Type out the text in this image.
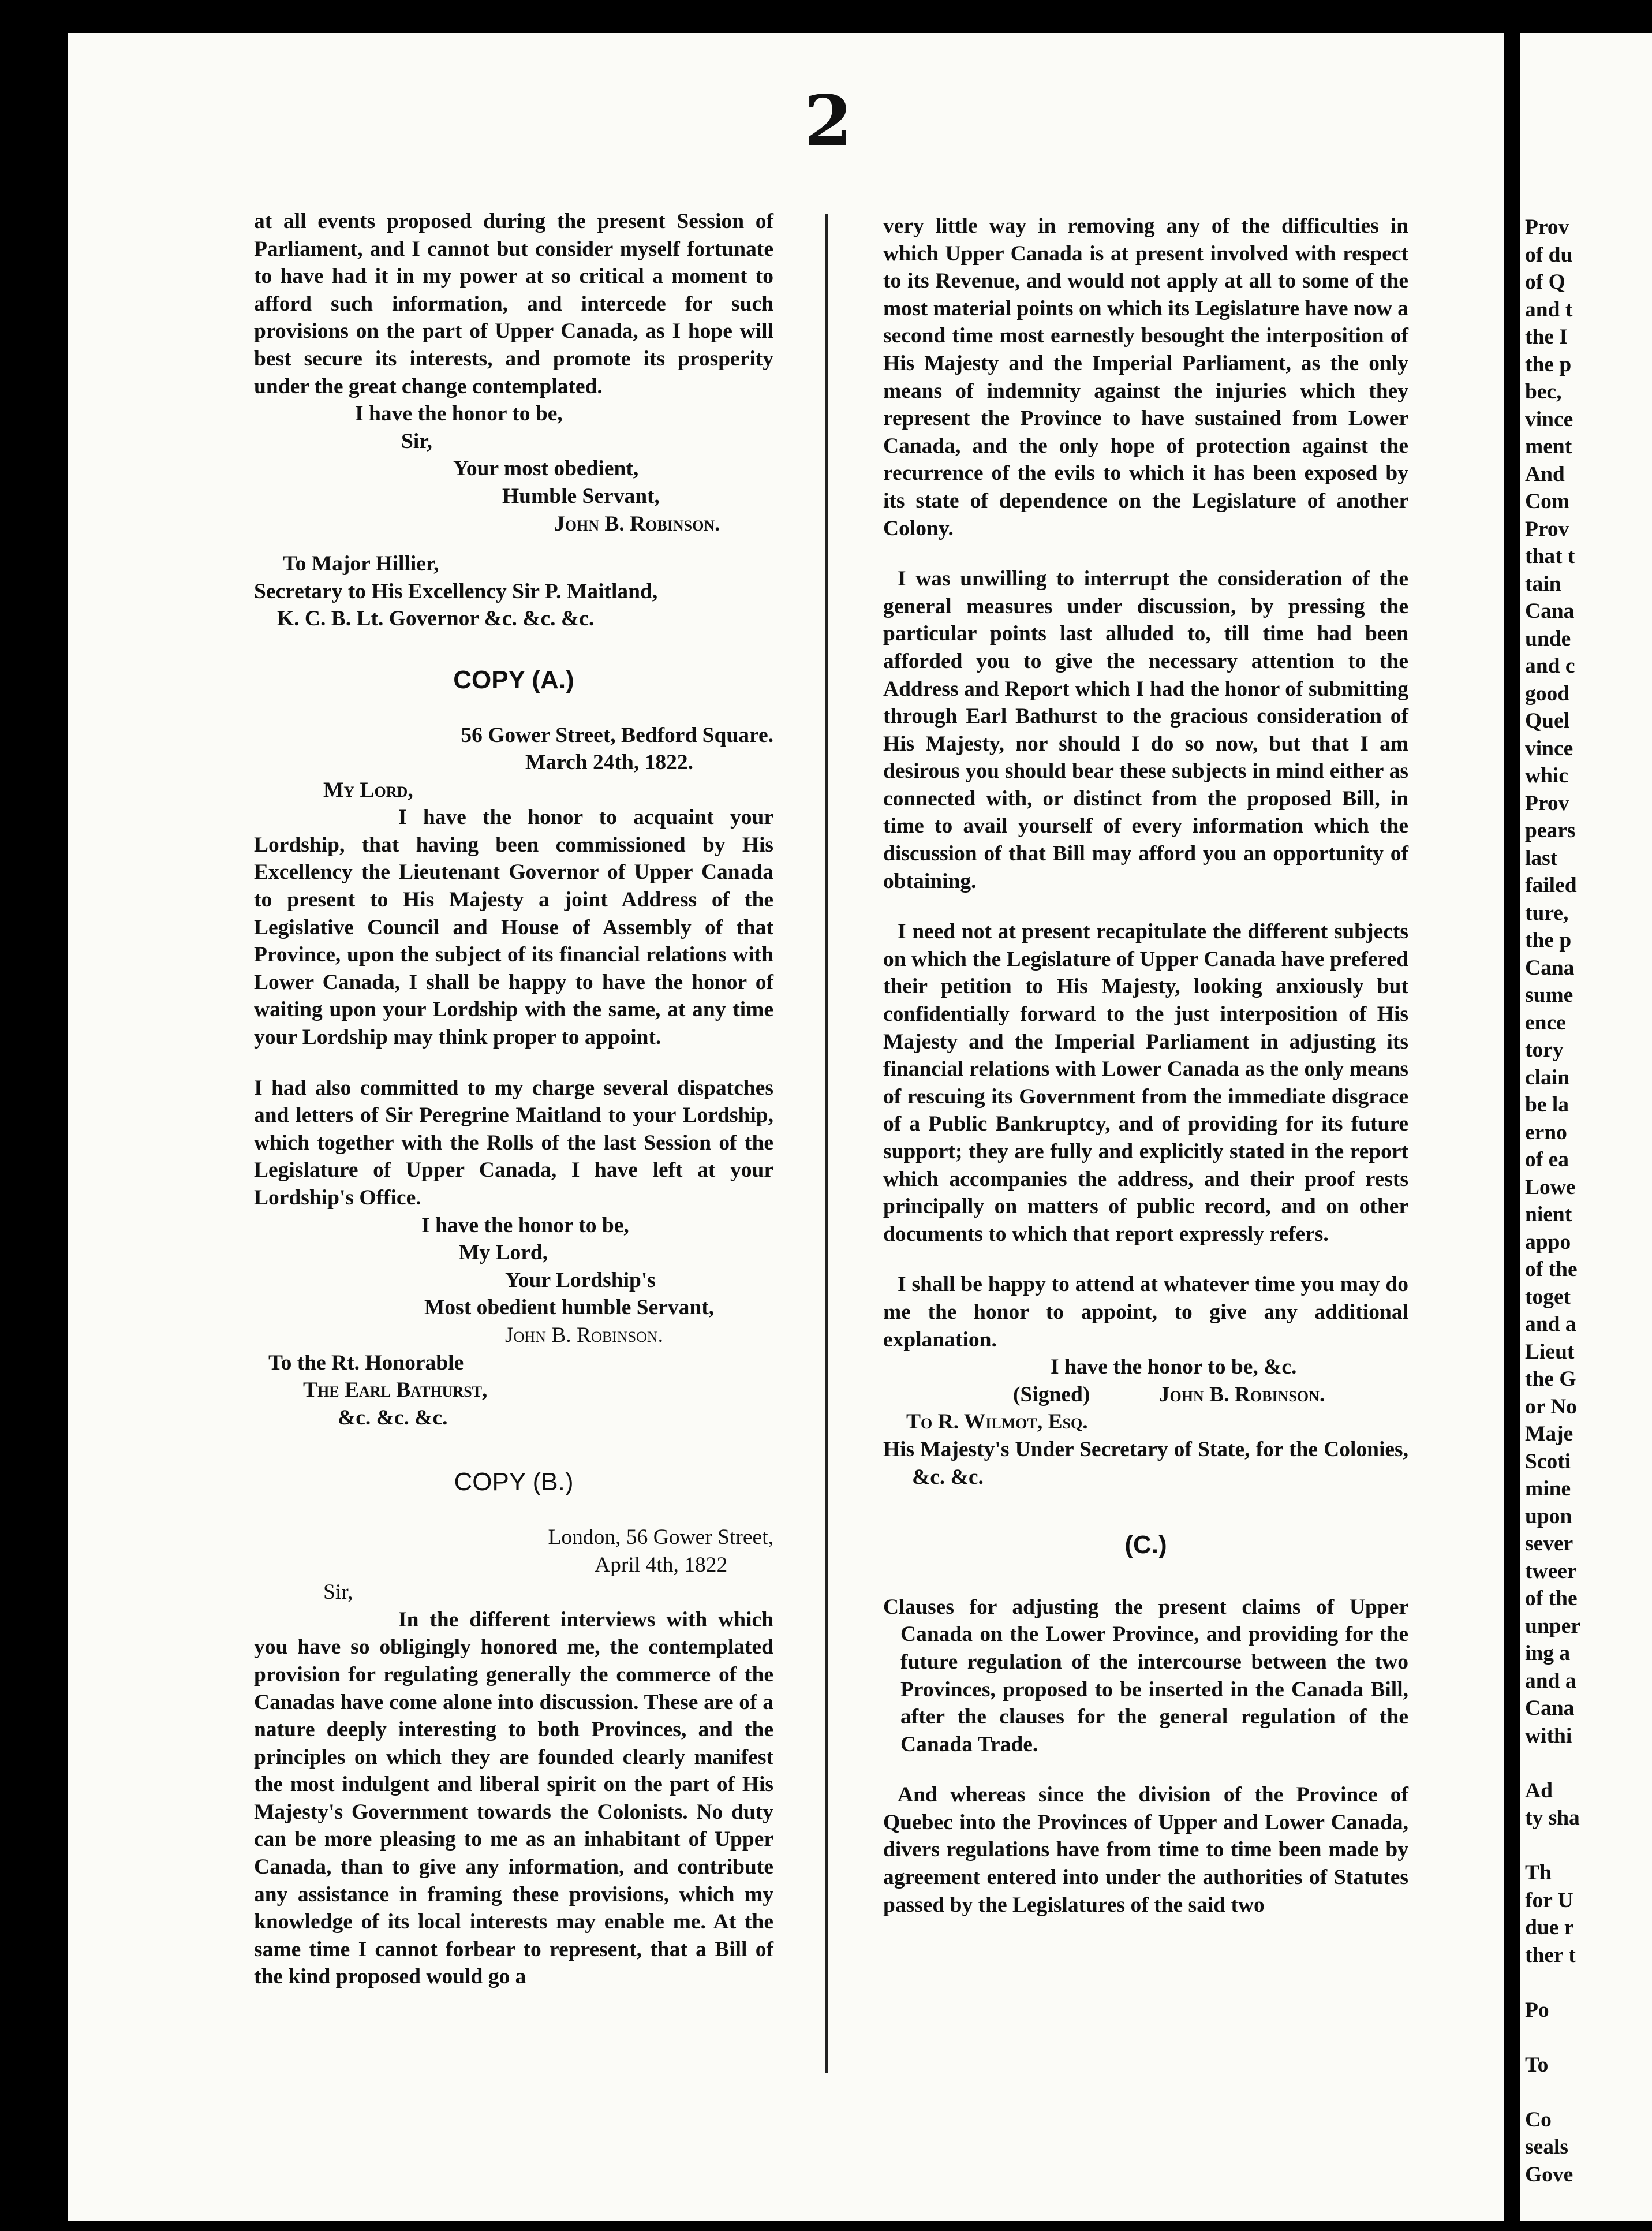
Prov
of du
of Q
and t
the I
the p
bec,
vince
ment
And
Com
Prov
that t
tain
Cana
unde
and c
good
Quel
vince
whic
Prov
pears
last
failed
ture,
the p
Cana
sume
ence
tory
clain
be la
erno
of ea
Lowe
nient
appo
of the
toget
and a
Lieut
the G
or No
Maje
Scoti
mine
upon
sever
tweer
of the
unper
ing a
and a
Cana
withi
Ad
ty sha
Th
for U
due r
ther t
Po
To
Co
seals
Gove
2

at all events proposed during the present Session of Parliament, and I cannot but consider myself fortunate to have had it in my power at so critical a moment to afford such information, and intercede for such provisions on the part of Upper Canada, as I hope will best secure its interests, and promote its prosperity under the great change contemplated.

I have the honor to be,
Sir,
Your most obedient,
Humble Servant,
John B. Robinson.
To Major Hillier,
Secretary to His Excellency Sir P. Maitland,
K. C. B. Lt. Governor &c. &c. &c.
COPY (A.)
56 Gower Street, Bedford Square.
March 24th, 1822.
My Lord,

I have the honor to acquaint your Lordship, that having been commissioned by His Excellency the Lieutenant Governor of Upper Canada to present to His Majesty a joint Address of the Legislative Council and House of Assembly of that Province, upon the subject of its financial relations with Lower Canada, I shall be happy to have the honor of waiting upon your Lordship with the same, at any time your Lordship may think proper to appoint.

I had also committed to my charge several dispatches and letters of Sir Peregrine Maitland to your Lordship, which together with the Rolls of the last Session of the Legislature of Upper Canada, I have left at your Lordship's Office.

I have the honor to be,
My Lord,
Your Lordship's
Most obedient humble Servant,
John B. Robinson.
To the Rt. Honorable
The Earl Bathurst,
&c. &c. &c.
COPY (B.)
London, 56 Gower Street,
April 4th, 1822
Sir,

In the different interviews with which you have so obligingly honored me, the contemplated provision for regulating generally the commerce of the Canadas have come alone into discussion. These are of a nature deeply interesting to both Provinces, and the principles on which they are founded clearly manifest the most indulgent and liberal spirit on the part of His Majesty's Government towards the Colonists. No duty can be more pleasing to me as an inhabitant of Upper Canada, than to give any information, and contribute any assistance in framing these provisions, which my knowledge of its local interests may enable me. At the same time I cannot forbear to represent, that a Bill of the kind proposed would go a

very little way in removing any of the difficulties in which Upper Canada is at present involved with respect to its Revenue, and would not apply at all to some of the most material points on which its Legislature have now a second time most earnestly besought the interposition of His Majesty and the Imperial Parliament, as the only means of indemnity against the injuries which they represent the Province to have sustained from Lower Canada, and the only hope of protection against the recurrence of the evils to which it has been exposed by its state of dependence on the Legislature of another Colony.

I was unwilling to interrupt the consideration of the general measures under discussion, by pressing the particular points last alluded to, till time had been afforded you to give the necessary attention to the Address and Report which I had the honor of submitting through Earl Bathurst to the gracious consideration of His Majesty, nor should I do so now, but that I am desirous you should bear these subjects in mind either as connected with, or distinct from the proposed Bill, in time to avail yourself of every information which the discussion of that Bill may afford you an opportunity of obtaining.

I need not at present recapitulate the different subjects on which the Legislature of Upper Canada have prefered their petition to His Majesty, looking anxiously but confidentially forward to the just interposition of His Majesty and the Imperial Parliament in adjusting its financial relations with Lower Canada as the only means of rescuing its Government from the immediate disgrace of a Public Bankruptcy, and of providing for its future support; they are fully and explicitly stated in the report which accompanies the address, and their proof rests principally on matters of public record, and on other documents to which that report expressly refers.

I shall be happy to attend at whatever time you may do me the honor to appoint, to give any additional explanation.

I have the honor to be, &c.
(Signed)	John B. Robinson.
To R. Wilmot, Esq.

His Majesty's Under Secretary of State, for the Colonies, &c. &c.

(C.)

Clauses for adjusting the present claims of Upper Canada on the Lower Province, and providing for the future regulation of the intercourse between the two Provinces, proposed to be inserted in the Canada Bill, after the clauses for the general regulation of the Canada Trade.

And whereas since the division of the Province of Quebec into the Provinces of Upper and Lower Canada, divers regulations have from time to time been made by agreement entered into under the authorities of Statutes passed by the Legislatures of the said two
